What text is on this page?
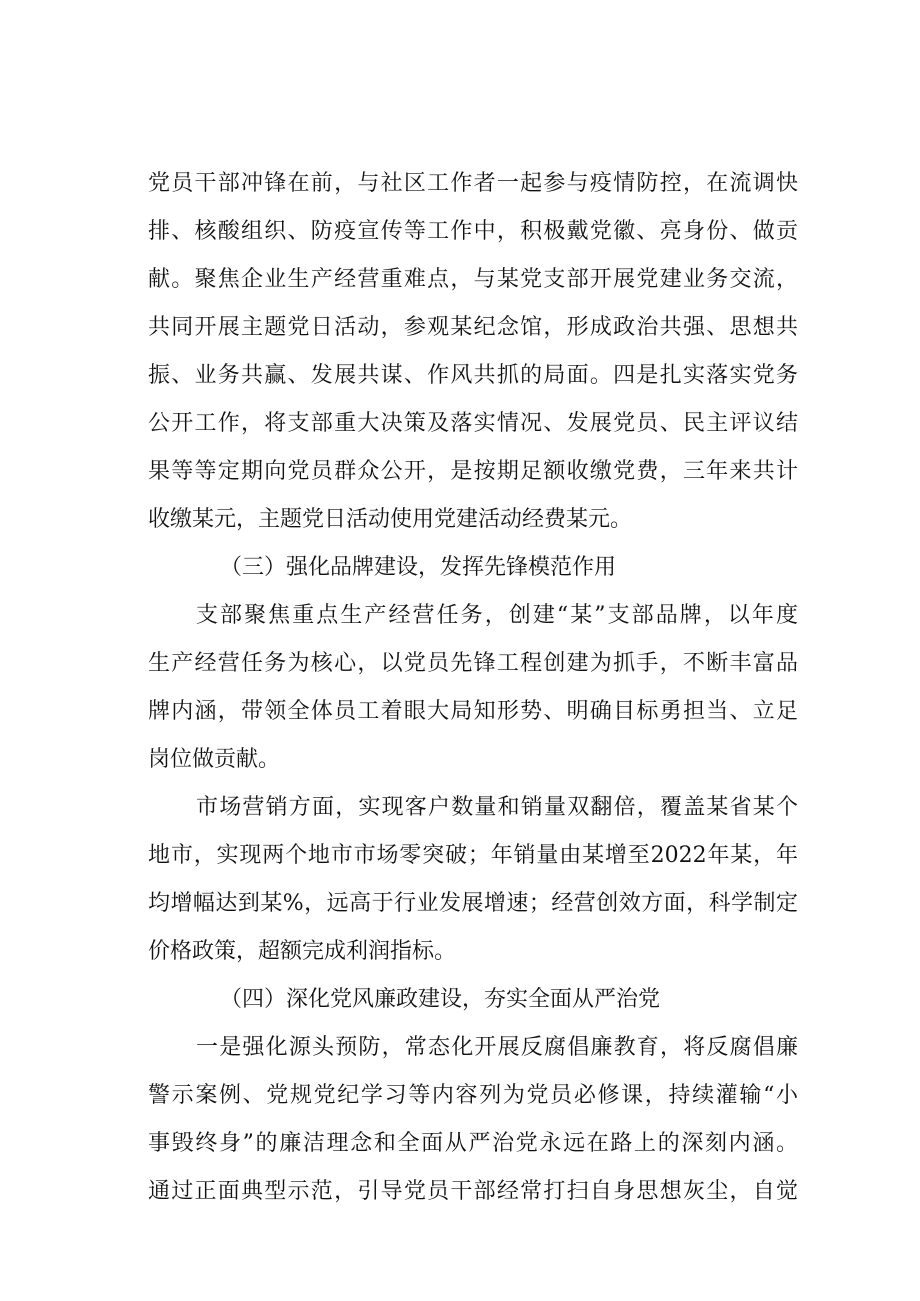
党员干部冲锋在前，与社区工作者一起参与疫情防控，在流调快
排、核酸组织、防疫宣传等工作中，积极戴党徽、亮身份、做贡
献。聚焦企业生产经营重难点，与某党支部开展党建业务交流，
共同开展主题党日活动，参观某纪念馆，形成政治共强、思想共
振、业务共赢、发展共谋、作风共抓的局面。四是扎实落实党务
公开工作，将支部重大决策及落实情况、发展党员、民主评议结
果等等定期向党员群众公开，是按期足额收缴党费，三年来共计
收缴某元，主题党日活动使用党建活动经费某元。
（三）强化品牌建设，发挥先锋模范作用
支部聚焦重点生产经营任务，创建“某”支部品牌，以年度
生产经营任务为核心，以党员先锋工程创建为抓手，不断丰富品
牌内涵，带领全体员工着眼大局知形势、明确目标勇担当、立足
岗位做贡献。
市场营销方面，实现客户数量和销量双翻倍，覆盖某省某个
地市，实现两个地市市场零突破；年销量由某增至2022年某，年
均增幅达到某%，远高于行业发展增速；经营创效方面，科学制定
价格政策，超额完成利润指标。
（四）深化党风廉政建设，夯实全面从严治党
一是强化源头预防，常态化开展反腐倡廉教育，将反腐倡廉
警示案例、党规党纪学习等内容列为党员必修课，持续灌输“小
事毁终身”的廉洁理念和全面从严治党永远在路上的深刻内涵。
通过正面典型示范，引导党员干部经常打扫自身思想灰尘，自觉
